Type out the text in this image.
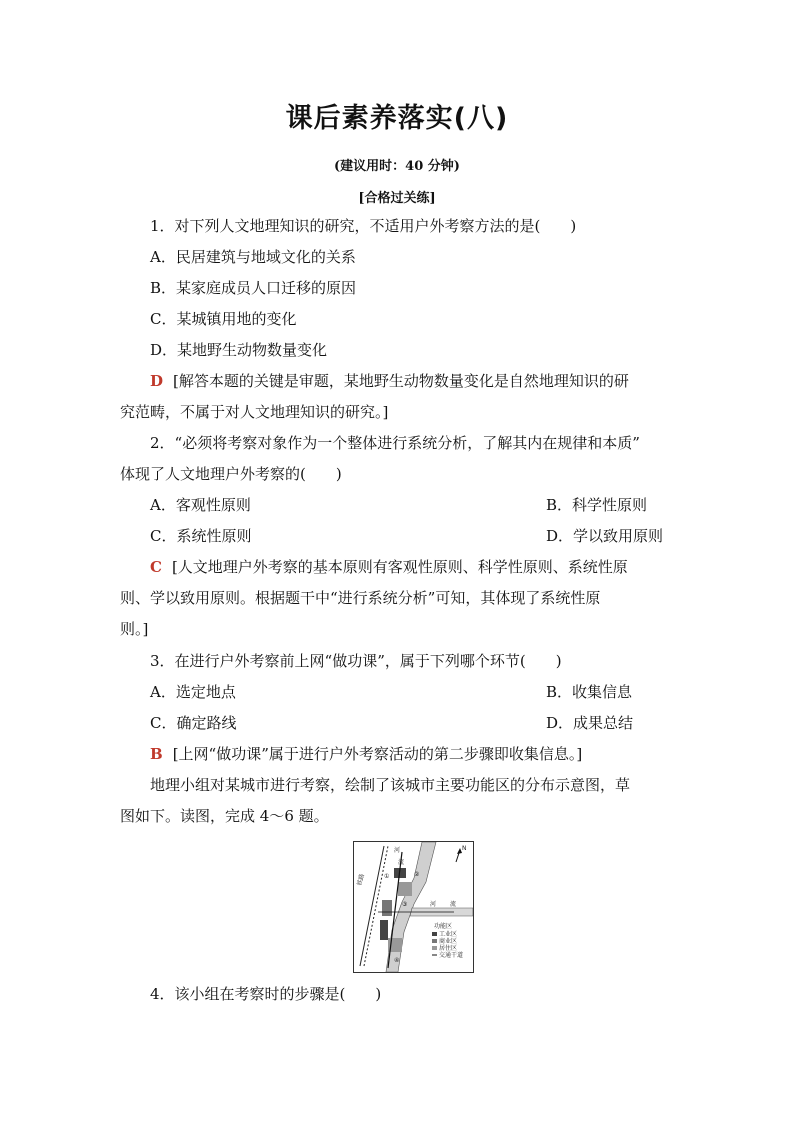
课后素养落实(八)
(建议用时：40 分钟)
[合格过关练]
1．对下列人文地理知识的研究，不适用户外考察方法的是( )
A．民居建筑与地域文化的关系
B．某家庭成员人口迁移的原因
C．某城镇用地的变化
D．某地野生动物数量变化
D [解答本题的关键是审题，某地野生动物数量变化是自然地理知识的研
究范畴，不属于对人文地理知识的研究。]
2．“必须将考察对象作为一个整体进行系统分析，了解其内在规律和本质”
体现了人文地理户外考察的( )
A．客观性原则	B．科学性原则
C．系统性原则	D．学以致用原则
C [人文地理户外考察的基本原则有客观性原则、科学性原则、系统性原
则、学以致用原则。根据题干中“进行系统分析”可知，其体现了系统性原
则。]
3．在进行户外考察前上网“做功课”，属于下列哪个环节( )
A．选定地点	B．收集信息
C．确定路线	D．成果总结
B [上网“做功课”属于进行户外考察活动的第二步骤即收集信息。]
地理小组对某城市进行考察，绘制了该城市主要功能区的分布示意图，草
图如下。读图，完成 4～6 题。
N
河
流
河 流
铁路	①	②
③
④
功能区
工业区
商业区
居住区
交通干道
4．该小组在考察时的步骤是( )
